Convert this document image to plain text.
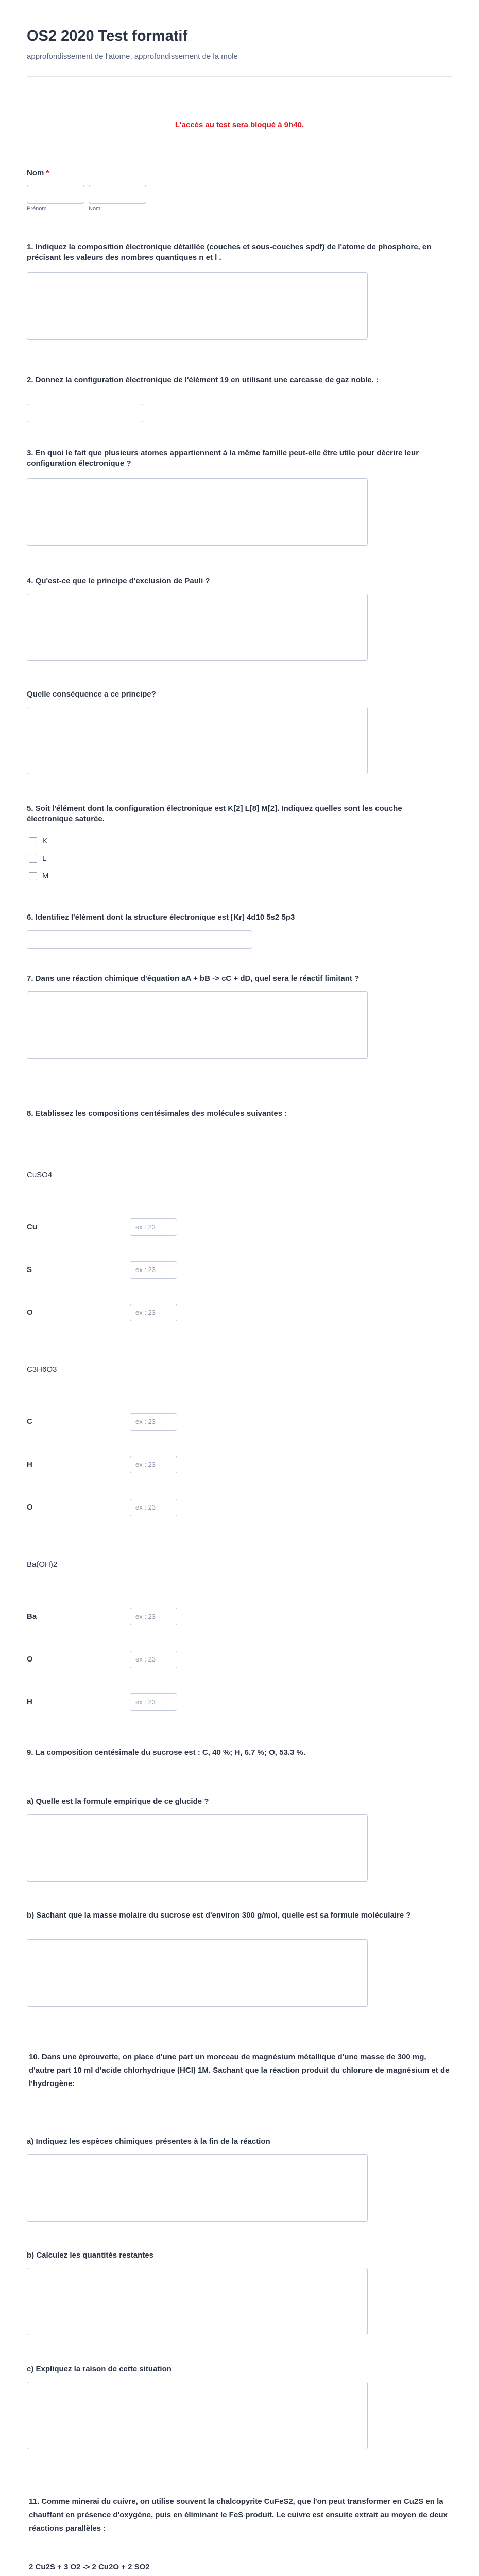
OS2 2020 Test formatif
approfondissement de l'atome, approfondissement de la mole
L'accès au test sera bloqué à 9h40.
Nom *
Prénom	Nom
1. Indiquez la composition électronique détaillée (couches et sous-couches spdf) de l'atome de phosphore, en précisant les valeurs des nombres quantiques n et l .
2. Donnez la configuration électronique de l'élément 19 en utilisant une carcasse de gaz noble. :
3. En quoi le fait que plusieurs atomes appartiennent à la même famille peut-elle être utile pour décrire leur configuration électronique ?
4. Qu'est-ce que le principe d'exclusion de Pauli ?
Quelle conséquence a ce principe?
5. Soit l'élément dont la configuration électronique est K[2] L[8] M[2]. Indiquez quelles sont les couche électronique saturée.
K
L
M
6. Identifiez l'élément dont la structure électronique est [Kr] 4d10 5s2 5p3
7. Dans une réaction chimique d'équation aA + bB -> cC + dD, quel sera le réactif limitant ?
8. Etablissez les compositions centésimales des molécules suivantes :
CuSO4
Cu	ex : 23
S	ex : 23
O	ex : 23
C3H6O3
C	ex : 23
H	ex : 23
O	ex : 23
Ba(OH)2
Ba	ex : 23
O	ex : 23
H	ex : 23
9. La composition centésimale du sucrose est : C, 40 %; H, 6.7 %; O, 53.3 %.
a) Quelle est la formule empirique de ce glucide ?
b) Sachant que la masse molaire du sucrose est d'environ 300 g/mol, quelle est sa formule moléculaire ?
10. Dans une éprouvette, on place d'une part un morceau de magnésium métallique d'une masse de 300 mg, d'autre part 10 ml d'acide chlorhydrique (HCl) 1M. Sachant que la réaction produit du chlorure de magnésium et de l'hydrogène:
a) Indiquez les espèces chimiques présentes à la fin de la réaction
b) Calculez les quantités restantes
c) Expliquez la raison de cette situation
11. Comme minerai du cuivre, on utilise souvent la chalcopyrite CuFeS2, que l'on peut transformer en Cu2S en la chauffant en présence d'oxygène, puis en éliminant le FeS produit. Le cuivre est ensuite extrait au moyen de deux réactions parallèles :
2 Cu2S + 3 O2 -> 2 Cu2O + 2 SO2
